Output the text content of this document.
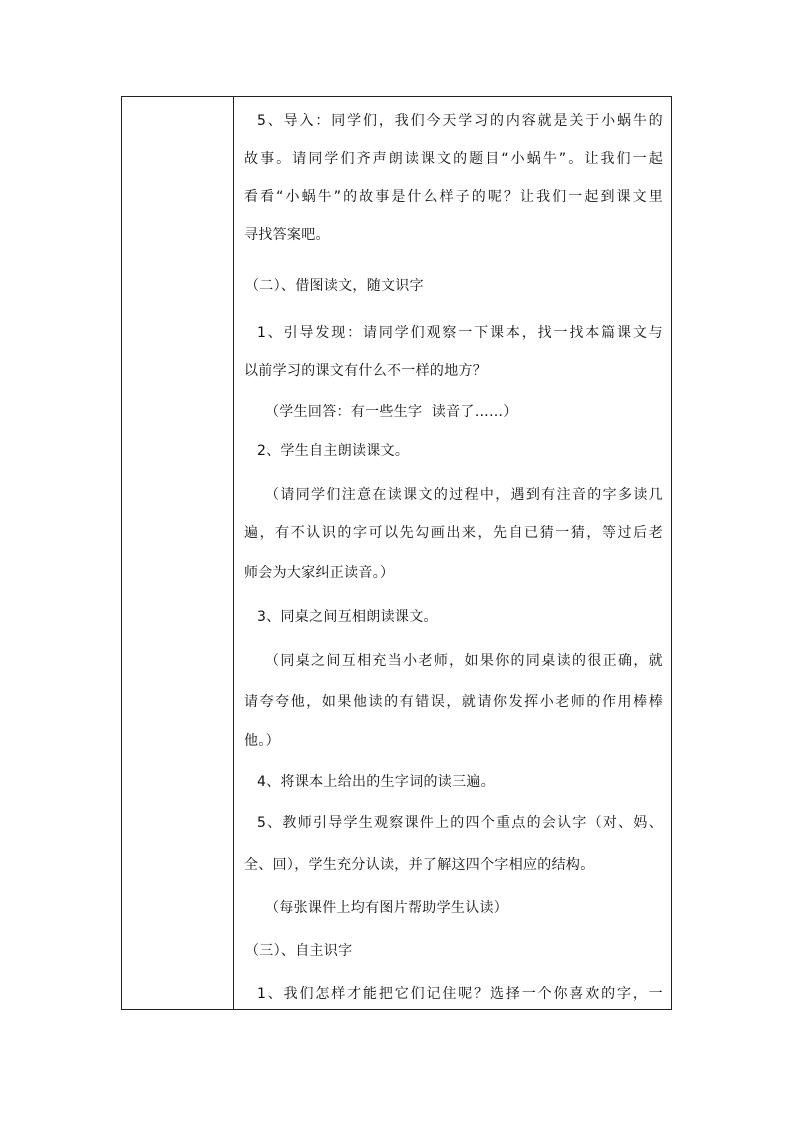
5、导入：同学们，我们今天学习的内容就是关于小蜗牛的
故事。请同学们齐声朗读课文的题目“小蜗牛”。让我们一起
看看“小蜗牛”的故事是什么样子的呢？让我们一起到课文里
寻找答案吧。
（二）、借图读文，随文识字
1、引导发现：请同学们观察一下课本，找一找本篇课文与
以前学习的课文有什么不一样的地方？
（学生回答：有一些生字  读音了……）
2、学生自主朗读课文。
（请同学们注意在读课文的过程中，遇到有注音的字多读几
遍，有不认识的字可以先勾画出来，先自已猜一猜，等过后老
师会为大家纠正读音。）
3、同桌之间互相朗读课文。
（同桌之间互相充当小老师，如果你的同桌读的很正确，就
请夸夸他，如果他读的有错误，就请你发挥小老师的作用棒棒
他。）
4、将课本上给出的生字词的读三遍。
5、教师引导学生观察课件上的四个重点的会认字（对、妈、
全、回），学生充分认读，并了解这四个字相应的结构。
（每张课件上均有图片帮助学生认读）
（三）、自主识字
1、我们怎样才能把它们记住呢？选择一个你喜欢的字，一
